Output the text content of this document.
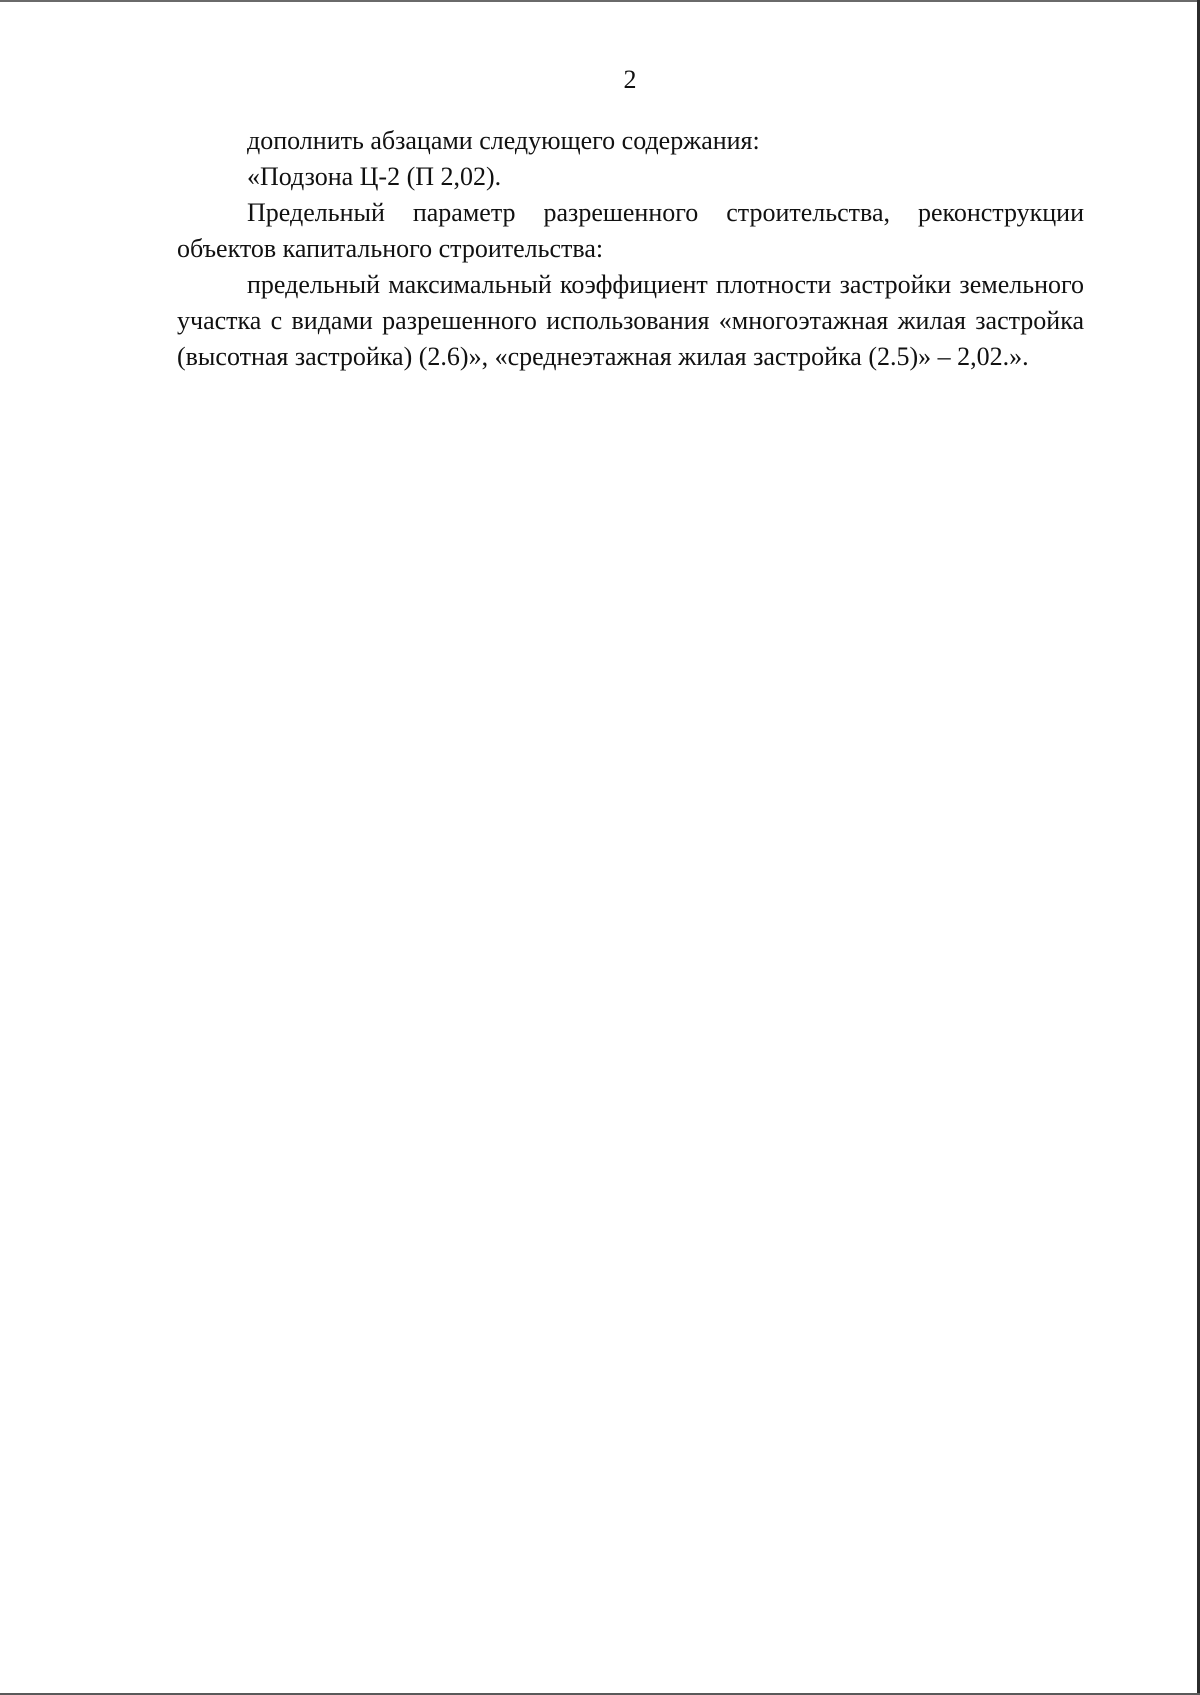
2

дополнить абзацами следующего содержания:

«Подзона Ц-2 (П 2,02).

Предельный параметр разрешенного строительства, реконструкции объектов капитального строительства:

предельный максимальный коэффициент плотности застройки земельного участка с видами разрешенного использования «многоэтажная жилая застройка (высотная застройка) (2.6)», «среднеэтажная жилая застройка (2.5)» – 2,02.».
